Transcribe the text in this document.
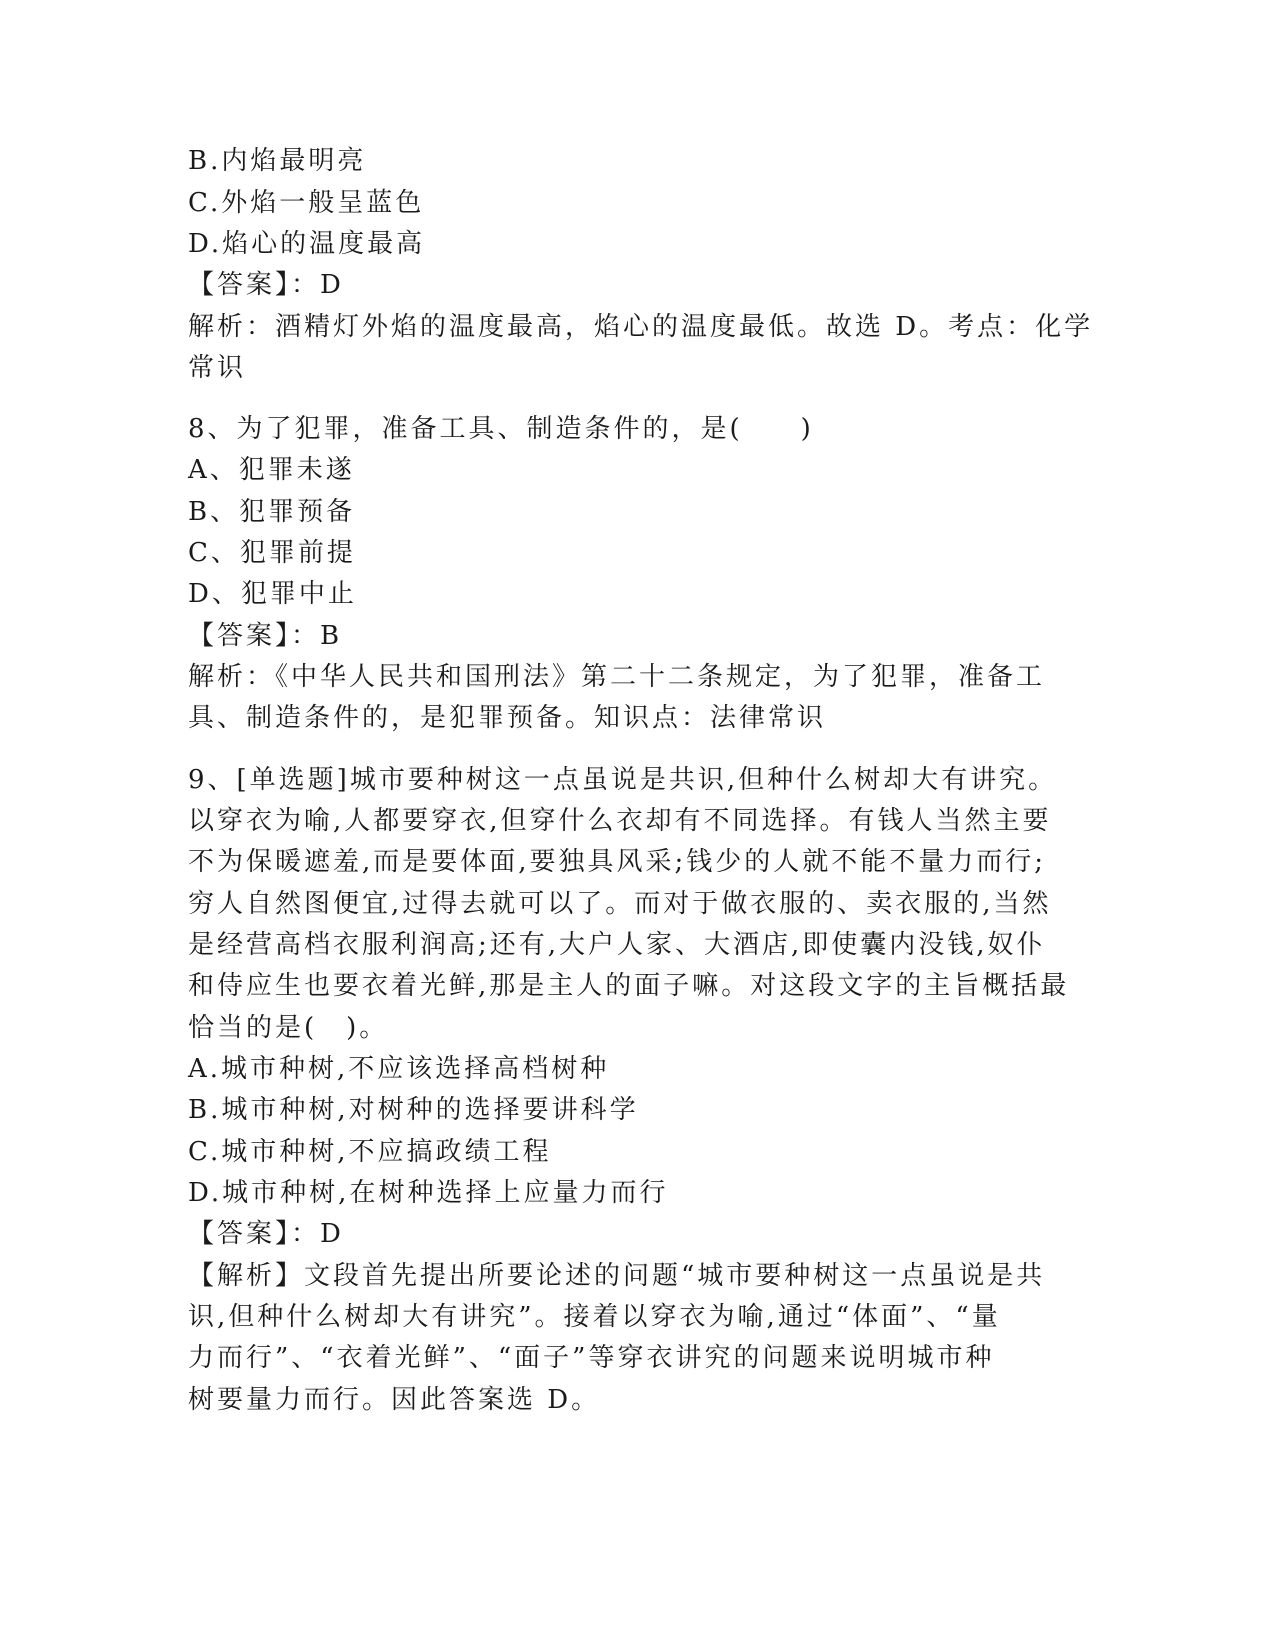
B.内焰最明亮
C.外焰一般呈蓝色
D.焰心的温度最高
【答案】：D
解析：酒精灯外焰的温度最高，焰心的温度最低。故选 D。考点：化学
常识
8、为了犯罪，准备工具、制造条件的，是(　　)
A、犯罪未遂
B、犯罪预备
C、犯罪前提
D、犯罪中止
【答案】：B
解析：《中华人民共和国刑法》第二十二条规定，为了犯罪，准备工
具、制造条件的，是犯罪预备。知识点：法律常识
9、[单选题]城市要种树这一点虽说是共识,但种什么树却大有讲究。
以穿衣为喻,人都要穿衣,但穿什么衣却有不同选择。有钱人当然主要
不为保暖遮羞,而是要体面,要独具风采;钱少的人就不能不量力而行;
穷人自然图便宜,过得去就可以了。而对于做衣服的、卖衣服的,当然
是经营高档衣服利润高;还有,大户人家、大酒店,即使囊内没钱,奴仆
和侍应生也要衣着光鲜,那是主人的面子嘛。对这段文字的主旨概括最
恰当的是(　)。
A.城市种树,不应该选择高档树种
B.城市种树,对树种的选择要讲科学
C.城市种树,不应搞政绩工程
D.城市种树,在树种选择上应量力而行
【答案】：D
【解析】文段首先提出所要论述的问题“城市要种树这一点虽说是共
识,但种什么树却大有讲究”。接着以穿衣为喻,通过“体面”、“量
力而行”、“衣着光鲜”、“面子”等穿衣讲究的问题来说明城市种
树要量力而行。因此答案选 D。
